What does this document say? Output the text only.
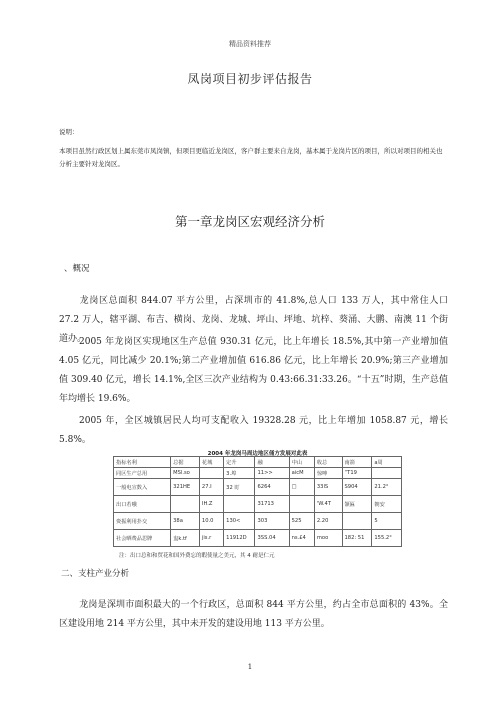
精品资料推荐
凤岗项目初步评估报告
说明：
本项目虽然行政区划上属东莞市凤岗镇，但项目更临近龙岗区，客户群主要来自龙岗，基本属于龙岗片区的项目，所以对项目的相关也分析主要针对龙岗区。
第一章龙岗区宏观经济分析
、概况
龙岗区总面积 844.07 平方公里，占深圳市的 41.8%,总人口 133 万人，其中常住人口 27.2 万人，辖平湖、布吉、横岗、龙岗、龙城、坪山、坪地、坑梓、葵涌、大鹏、南澳 11 个街道办。
2005 年龙岗区实现地区生产总值 930.31 亿元，比上年增长 18.5%,其中第一产业增加值 4.05 亿元，同比减少 20.1%;第二产业增加值 616.86 亿元，比上年增长 20.9%;第三产业增加值 309.40 亿元，增长 14.1%,全区三次产业结构为 0.43:66.31:33.26。“十五”时期，生产总值年均增长 19.6%。
2005 年，全区城镇居民人均可支配收入 19328.28 元，比上年增加 1058.87 元，增长 5.8%。
2004 年龙岗马周边地区俑方发展对此表
指标名利	总据	花城	定升	融	中山	收总	南箭	a周
同区生产总用	MSl.so		3.埠	11>>	aicM	惊呻	“T19	
一般电宣数入	321HE	27.I	32 盯	6264	□	33lS	S904	21.2°
出口若哦		IH.Z		31713		'W.4T	颔匾	朝安
赍振利用扑交	38a	10.0	130<	303	525	2.20		5
社会晒费品思牌	盅k.tf	jis.r	11912D	3SS.04	ns.£4	moo	182: 51	155.2°
注：出口总和和贸花和国外费忘的暇使量之美元，其 4 耐是仁元
二、支柱产业分析
龙岗是深圳市面积最大的一个行政区，总面积 844 平方公里，约占全市总面积的 43%。全区建设用地 214 平方公里，其中未开发的建设用地 113 平方公里。
1
